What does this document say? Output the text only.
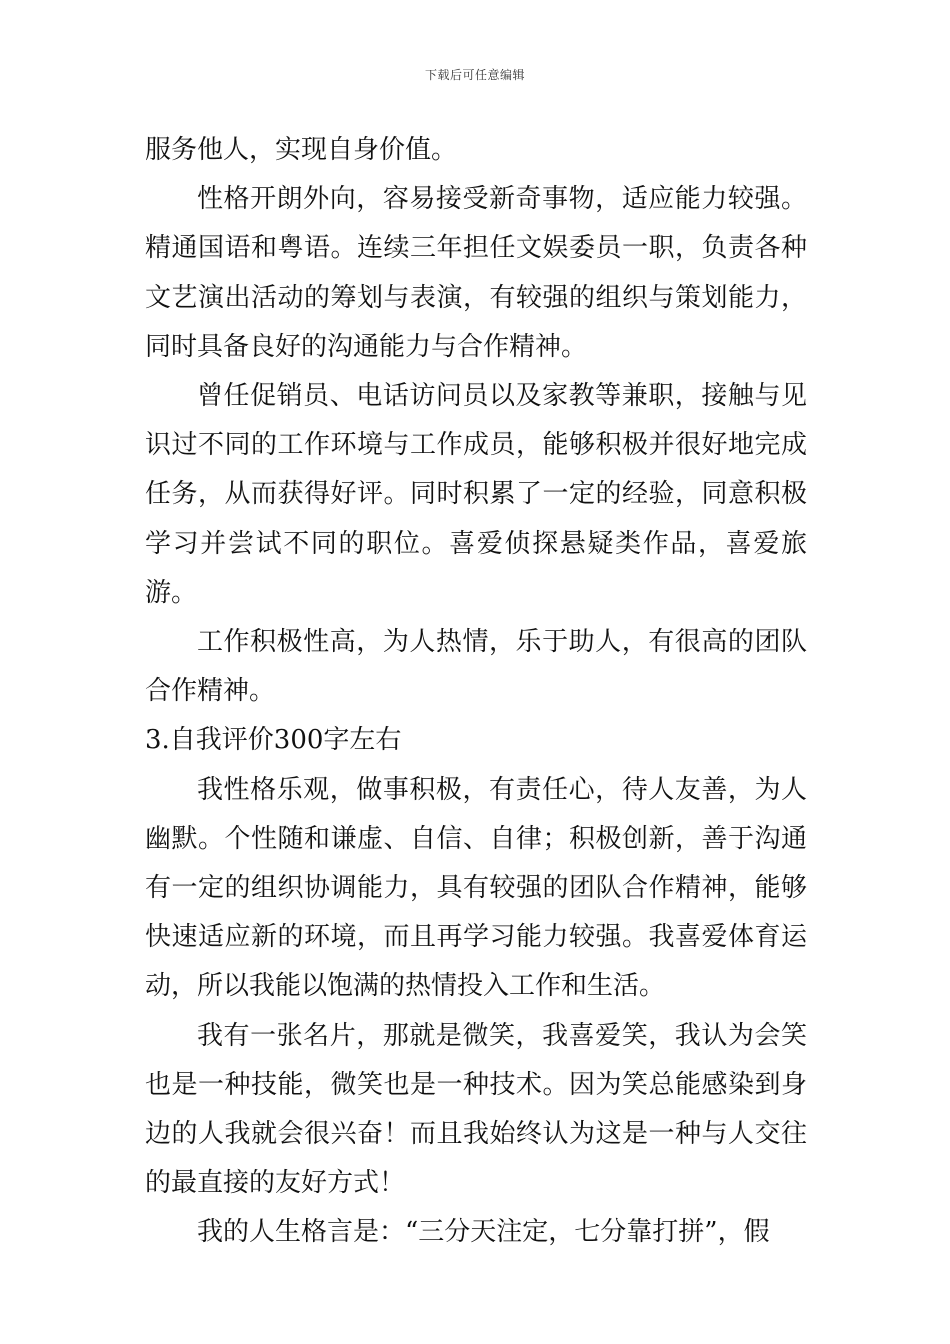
下载后可任意编辑

服务他人，实现自身价值。

性格开朗外向，容易接受新奇事物，适应能力较强。精通国语和粤语。连续三年担任文娱委员一职，负责各种文艺演出活动的筹划与表演，有较强的组织与策划能力，同时具备良好的沟通能力与合作精神。

曾任促销员、电话访问员以及家教等兼职，接触与见识过不同的工作环境与工作成员，能够积极并很好地完成任务，从而获得好评。同时积累了一定的经验，同意积极学习并尝试不同的职位。喜爱侦探悬疑类作品，喜爱旅游。

工作积极性高，为人热情，乐于助人，有很高的团队合作精神。

3.自我评价300字左右

我性格乐观，做事积极，有责任心，待人友善，为人幽默。个性随和谦虚、自信、自律；积极创新，善于沟通有一定的组织协调能力，具有较强的团队合作精神，能够快速适应新的环境，而且再学习能力较强。我喜爱体育运动，所以我能以饱满的热情投入工作和生活。

我有一张名片，那就是微笑，我喜爱笑，我认为会笑也是一种技能，微笑也是一种技术。因为笑总能感染到身边的人我就会很兴奋！而且我始终认为这是一种与人交往的最直接的友好方式！

我的人生格言是：“三分天注定，七分靠打拼”，假
